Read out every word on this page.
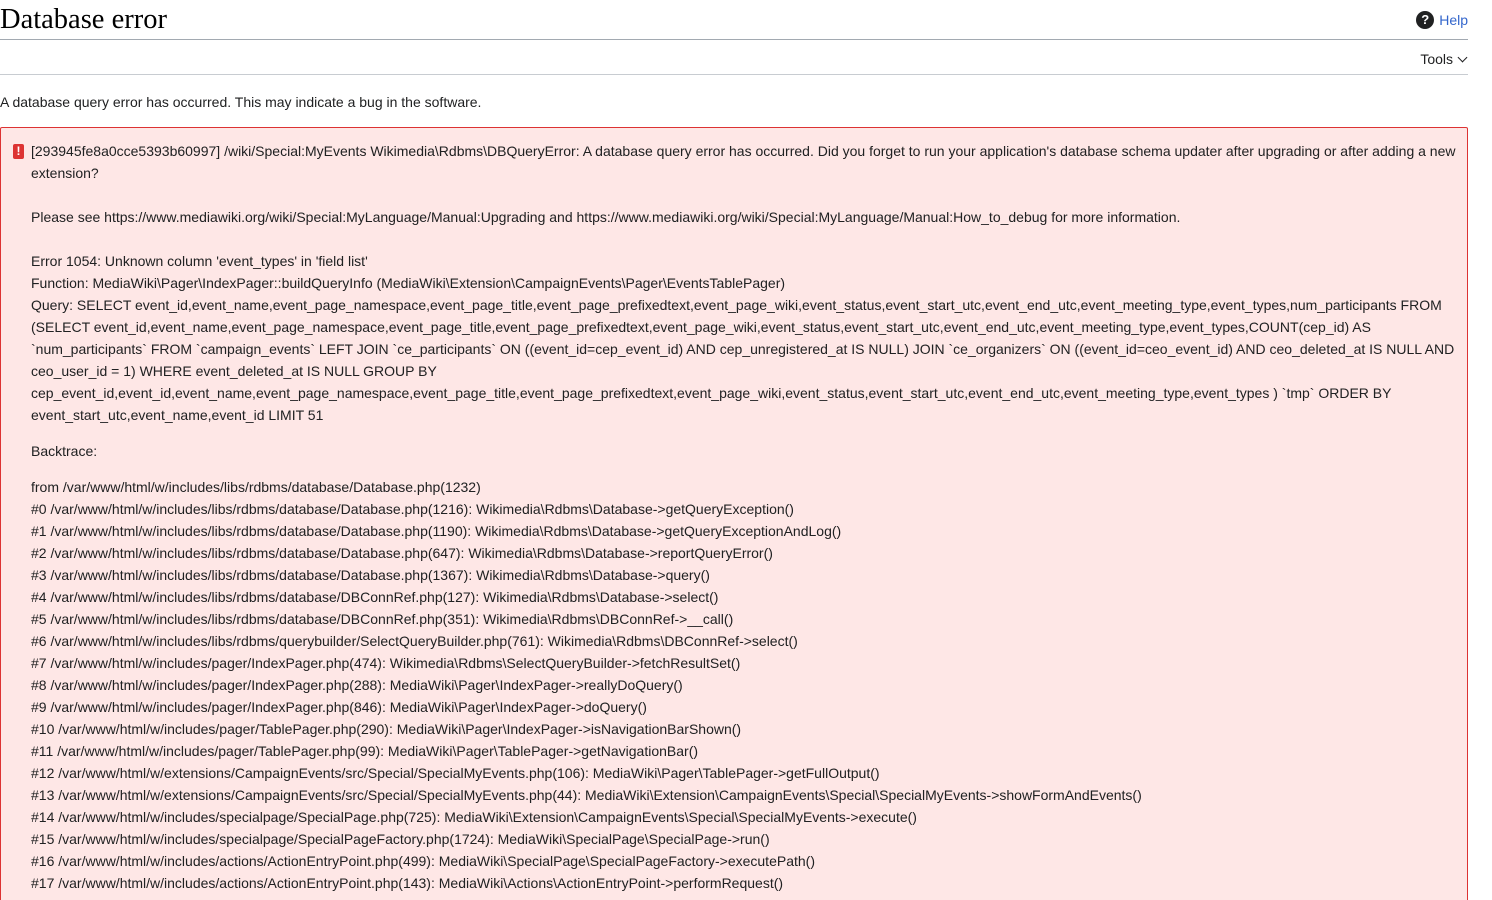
Database error	? Help
Tools

A database query error has occurred. This may indicate a bug in the software.

! [293945fe8a0cce5393b60997] /wiki/Special:MyEvents Wikimedia\Rdbms\DBQueryError: A database query error has occurred. Did you forget to run your application's database schema updater after upgrading or after adding a new extension?

Please see https://www.mediawiki.org/wiki/Special:MyLanguage/Manual:Upgrading and https://www.mediawiki.org/wiki/Special:MyLanguage/Manual:How_to_debug for more information.

Error 1054: Unknown column 'event_types' in 'field list'

Function: MediaWiki\Pager\IndexPager::buildQueryInfo (MediaWiki\Extension\CampaignEvents\Pager\EventsTablePager)

Query: SELECT event_id,event_name,event_page_namespace,event_page_title,event_page_prefixedtext,event_page_wiki,event_status,event_start_utc,event_end_utc,event_meeting_type,event_types,num_participants FROM (SELECT event_id,event_name,event_page_namespace,event_page_title,event_page_prefixedtext,event_page_wiki,event_status,event_start_utc,event_end_utc,event_meeting_type,event_types,COUNT(cep_id) AS `num_participants` FROM `campaign_events` LEFT JOIN `ce_participants` ON ((event_id=cep_event_id) AND cep_unregistered_at IS NULL) JOIN `ce_organizers` ON ((event_id=ceo_event_id) AND ceo_deleted_at IS NULL AND ceo_user_id = 1) WHERE event_deleted_at IS NULL GROUP BY cep_event_id,event_id,event_name,event_page_namespace,event_page_title,event_page_prefixedtext,event_page_wiki,event_status,event_start_utc,event_end_utc,event_meeting_type,event_types ) `tmp` ORDER BY event_start_utc,event_name,event_id LIMIT 51

Backtrace:

from /var/www/html/w/includes/libs/rdbms/database/Database.php(1232)

#0 /var/www/html/w/includes/libs/rdbms/database/Database.php(1216): Wikimedia\Rdbms\Database->getQueryException()

#1 /var/www/html/w/includes/libs/rdbms/database/Database.php(1190): Wikimedia\Rdbms\Database->getQueryExceptionAndLog()

#2 /var/www/html/w/includes/libs/rdbms/database/Database.php(647): Wikimedia\Rdbms\Database->reportQueryError()

#3 /var/www/html/w/includes/libs/rdbms/database/Database.php(1367): Wikimedia\Rdbms\Database->query()

#4 /var/www/html/w/includes/libs/rdbms/database/DBConnRef.php(127): Wikimedia\Rdbms\Database->select()

#5 /var/www/html/w/includes/libs/rdbms/database/DBConnRef.php(351): Wikimedia\Rdbms\DBConnRef->__call()

#6 /var/www/html/w/includes/libs/rdbms/querybuilder/SelectQueryBuilder.php(761): Wikimedia\Rdbms\DBConnRef->select()

#7 /var/www/html/w/includes/pager/IndexPager.php(474): Wikimedia\Rdbms\SelectQueryBuilder->fetchResultSet()

#8 /var/www/html/w/includes/pager/IndexPager.php(288): MediaWiki\Pager\IndexPager->reallyDoQuery()

#9 /var/www/html/w/includes/pager/IndexPager.php(846): MediaWiki\Pager\IndexPager->doQuery()

#10 /var/www/html/w/includes/pager/TablePager.php(290): MediaWiki\Pager\IndexPager->isNavigationBarShown()

#11 /var/www/html/w/includes/pager/TablePager.php(99): MediaWiki\Pager\TablePager->getNavigationBar()

#12 /var/www/html/w/extensions/CampaignEvents/src/Special/SpecialMyEvents.php(106): MediaWiki\Pager\TablePager->getFullOutput()

#13 /var/www/html/w/extensions/CampaignEvents/src/Special/SpecialMyEvents.php(44): MediaWiki\Extension\CampaignEvents\Special\SpecialMyEvents->showFormAndEvents()

#14 /var/www/html/w/includes/specialpage/SpecialPage.php(725): MediaWiki\Extension\CampaignEvents\Special\SpecialMyEvents->execute()

#15 /var/www/html/w/includes/specialpage/SpecialPageFactory.php(1724): MediaWiki\SpecialPage\SpecialPage->run()

#16 /var/www/html/w/includes/actions/ActionEntryPoint.php(499): MediaWiki\SpecialPage\SpecialPageFactory->executePath()

#17 /var/www/html/w/includes/actions/ActionEntryPoint.php(143): MediaWiki\Actions\ActionEntryPoint->performRequest()
